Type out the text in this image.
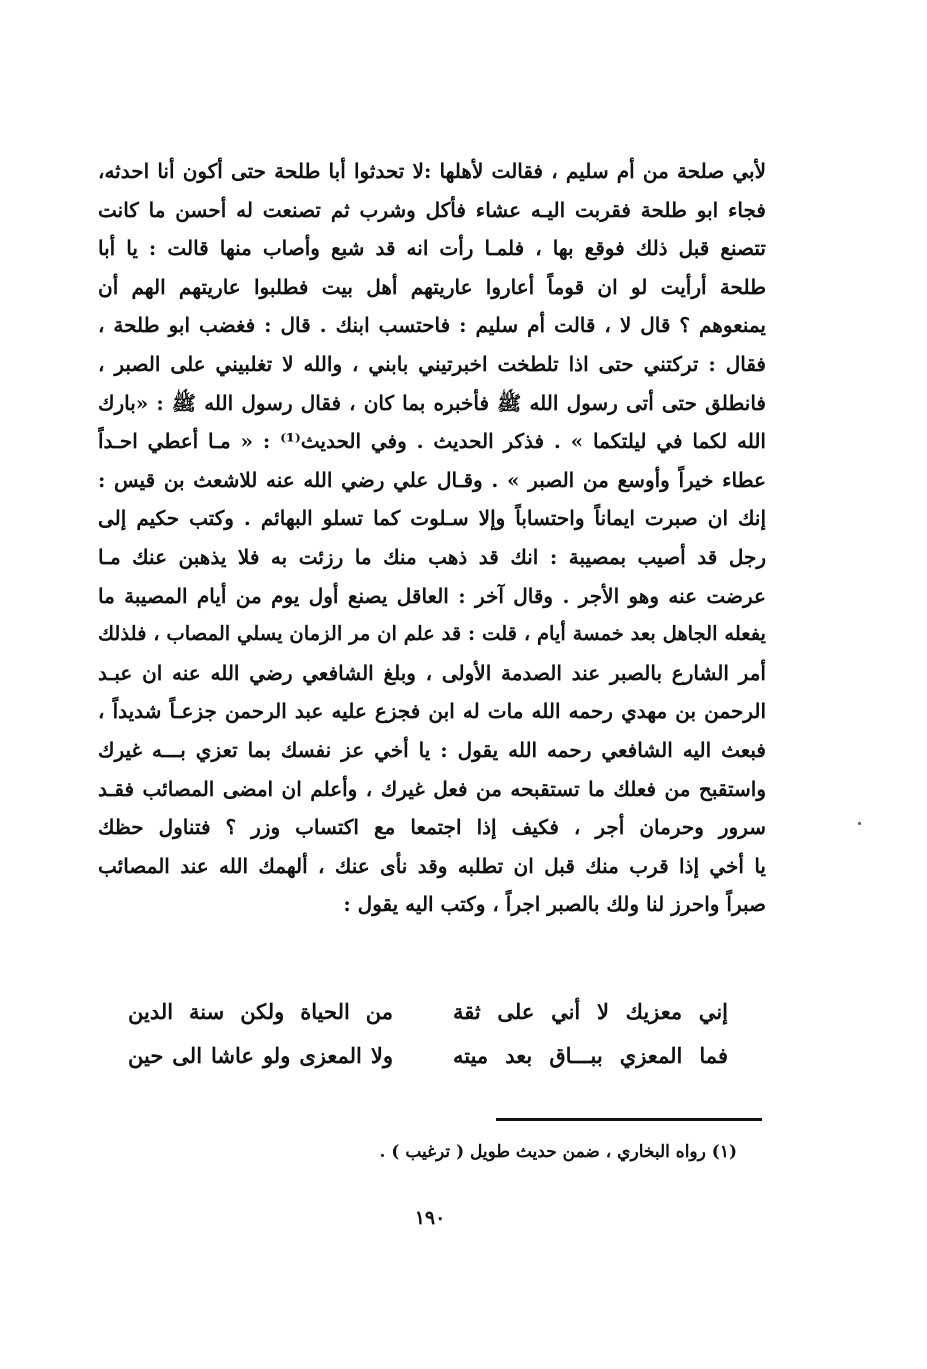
لأبي صلحة من أم سليم ، فقالت لأهلها :لا تحدثوا أبا طلحة حتى أكون أنا احدثه،
فجاء ابو طلحة فقربت اليـه عشاء فأكل وشرب ثم تصنعت له أحسن ما كانت
تتصنع قبل ذلك فوقع بها ، فلمـا رأت انه قد شبع وأصاب منها قالت : يا أبا
طلحة أرأيت لو ان قوماً أعاروا عاريتهم أهل بيت فطلبوا عاريتهم الهم أن
يمنعوهم ؟ قال لا ، قالت أم سليم : فاحتسب ابنك . قال : فغضب ابو طلحة ،
فقال : تركتني حتى اذا تلطخت اخبرتيني بابني ، والله لا تغلبيني على الصبر ،
فانطلق حتى أتى رسول الله ﷺ فأخبره بما كان ، فقال رسول الله ﷺ : «بارك
الله لكما في ليلتكما » . فذكر الحديث . وفي الحديث⁽¹⁾ : « مـا أعطي احـداً
عطاء خيراً وأوسع من الصبر » . وقـال علي رضي الله عنه للاشعث بن قيس :
إنك ان صبرت ايماناً واحتساباً وإلا سـلوت كما تسلو البهائم . وكتب حكيم إلى
رجل قد أصيب بمصيبة : انك قد ذهب منك ما رزئت به فلا يذهبن عنك مـا
عرضت عنه وهو الأجر . وقال آخر : العاقل يصنع أول يوم من أيام المصيبة ما
يفعله الجاهل بعد خمسة أيام ، قلت : قد علم ان مر الزمان يسلي المصاب ، فلذلك
أمر الشارع بالصبر عند الصدمة الأولى ، وبلغ الشافعي رضي الله عنه ان عبـد
الرحمن بن مهدي رحمه الله مات له ابن فجزع عليه عبد الرحمن جزعـاً شديداً ،
فبعث اليه الشافعي رحمه الله يقول : يا أخي عز نفسك بما تعزي بـــه غيرك
واستقبح من فعلك ما تستقبحه من فعل غيرك ، وأعلم ان امضى المصائب فقـد
سرور وحرمان أجر ، فكيف إذا اجتمعا مع اكتساب وزر ؟ فتناول حظك
يا أخي إذا قرب منك قبل ان تطلبه وقد نأى عنك ، ألهمك الله عند المصائب
صبراً واحرز لنا ولك بالصبر اجراً ، وكتب اليه يقول :
إني معزيك لا أني على ثقة
من الحياة ولكن سنة الدين
فما المعزي ببـــاق بعد ميته
ولا المعزى ولو عاشا الى حين
(١) رواه البخاري ، ضمن حديث طويل ( ترغيب ) .
١٩٠
